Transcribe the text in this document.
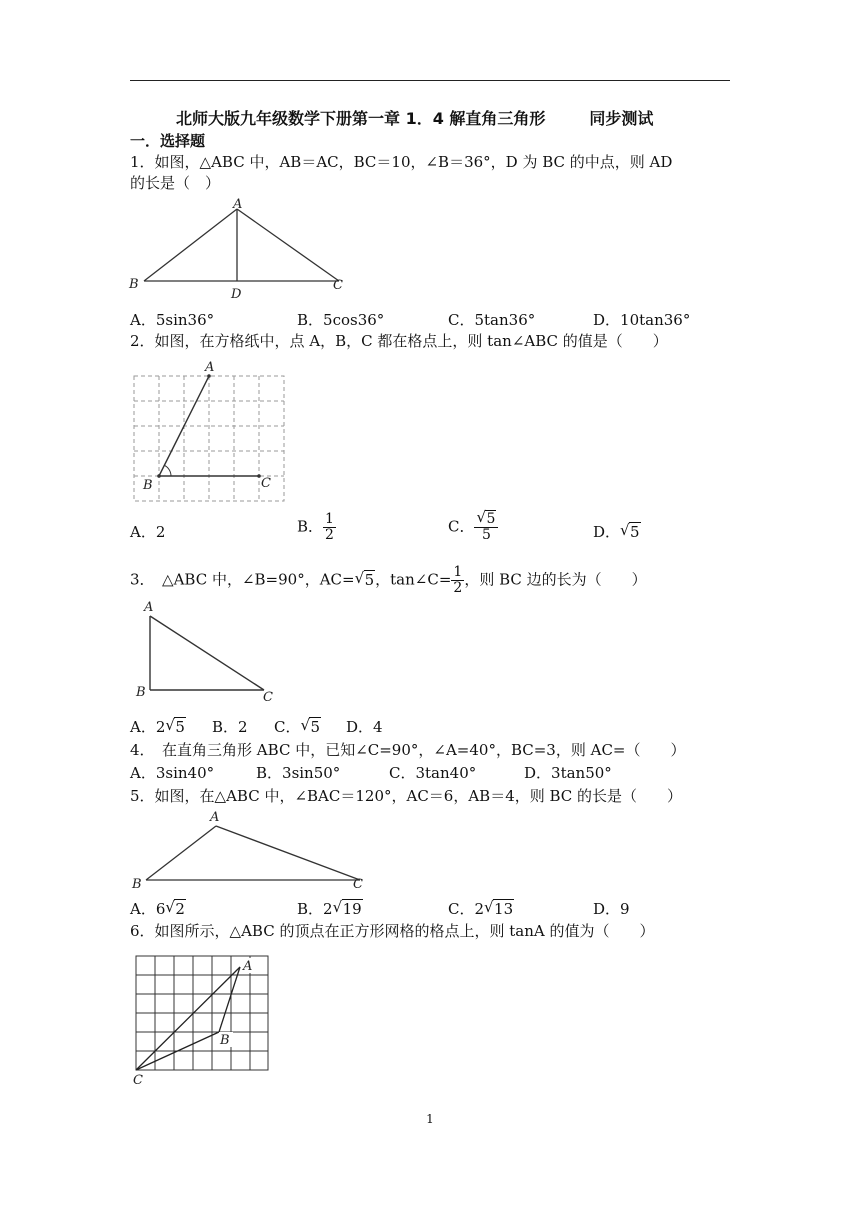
北师大版九年级数学下册第一章 1．4 解直角三角形	同步测试
一．选择题
1．如图，△ABC 中，AB＝AC，BC＝10，∠B＝36°，D 为 BC 的中点，则 AD
的长是（　）
A
B	C
D
A．5sin36°	B．5cos36°	C．5tan36°	D．10tan36°
2．如图，在方格纸中，点 A，B，C 都在格点上，则 tan∠ABC 的值是（　　）
A
B	C
A．2	B． $\frac{1}{2}$	C． $\frac{√ 5}{5}$	D． √ 5
3．　△ABC 中，∠B=90°，AC= √ 5，tan∠C= $\frac{1}{2}$ ，则 BC 边的长为（　　）
A
B	C
A．2 √ 5 B．2 C． √ 5 D．4
4．　在直角三角形 ABC 中，已知∠C=90°，∠A=40°，BC=3，则 AC=（　　）
A．3sin40°	B．3sin50°	C．3tan40°	D．3tan50°
5．如图，在△ABC 中，∠BAC＝120°，AC＝6，AB＝4，则 BC 的长是（　　）
A
B	C
A．6 √ 2	B．2 √ 19	C．2 √ 13	D．9
6．如图所示，△ABC 的顶点在正方形网格的格点上，则 tanA 的值为（　　）
A
B
C
1
